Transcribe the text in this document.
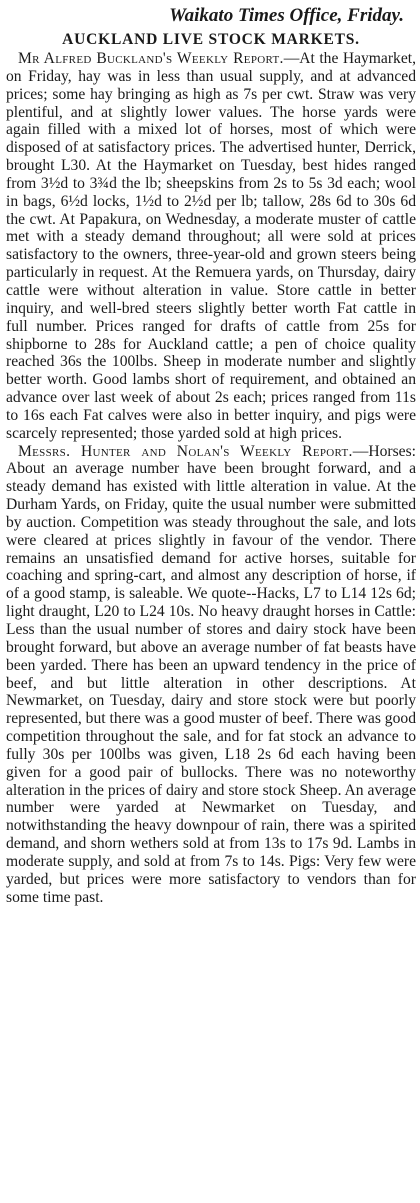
Waikato Times Office, Friday.

AUCKLAND LIVE STOCK MARKETS.

Mr Alfred Buckland's Weekly Report.—At the Haymarket, on Friday, hay was in less than usual supply, and at advanced prices; some hay bringing as high as 7s per cwt. Straw was very plentiful, and at slightly lower values. The horse yards were again filled with a mixed lot of horses, most of which were disposed of at satisfactory prices. The advertised hunter, Derrick, brought L30. At the Haymarket on Tuesday, best hides ranged from 3½d to 3¾d the lb; sheepskins from 2s to 5s 3d each; wool in bags, 6½d locks, 1½d to 2½d per lb; tallow, 28s 6d to 30s 6d the cwt. At Papakura, on Wednesday, a moderate muster of cattle met with a steady demand throughout; all were sold at prices satisfactory to the owners, three-year-old and grown steers being particularly in request. At the Remuera yards, on Thursday, dairy cattle were without alteration in value. Store cattle in better inquiry, and well-bred steers slightly better worth Fat cattle in full number. Prices ranged for drafts of cattle from 25s for shipborne to 28s for Auckland cattle; a pen of choice quality reached 36s the 100lbs. Sheep in moderate number and slightly better worth. Good lambs short of requirement, and obtained an advance over last week of about 2s each; prices ranged from 11s to 16s each Fat calves were also in better inquiry, and pigs were scarcely represented; those yarded sold at high prices.

Messrs. Hunter and Nolan's Weekly Report.—Horses: About an average number have been brought forward, and a steady demand has existed with little alteration in value. At the Durham Yards, on Friday, quite the usual number were submitted by auction. Competition was steady throughout the sale, and lots were cleared at prices slightly in favour of the vendor. There remains an unsatisfied demand for active horses, suitable for coaching and spring-cart, and almost any description of horse, if of a good stamp, is saleable. We quote--Hacks, L7 to L14 12s 6d; light draught, L20 to L24 10s. No heavy draught horses in Cattle: Less than the usual number of stores and dairy stock have been brought forward, but above an average number of fat beasts have been yarded. There has been an upward tendency in the price of beef, and but little alteration in other descriptions. At Newmarket, on Tuesday, dairy and store stock were but poorly represented, but there was a good muster of beef. There was good competition throughout the sale, and for fat stock an advance to fully 30s per 100lbs was given, L18 2s 6d each having been given for a good pair of bullocks. There was no noteworthy alteration in the prices of dairy and store stock Sheep. An average number were yarded at Newmarket on Tuesday, and notwithstanding the heavy downpour of rain, there was a spirited demand, and shorn wethers sold at from 13s to 17s 9d. Lambs in moderate supply, and sold at from 7s to 14s. Pigs: Very few were yarded, but prices were more satisfactory to vendors than for some time past.
